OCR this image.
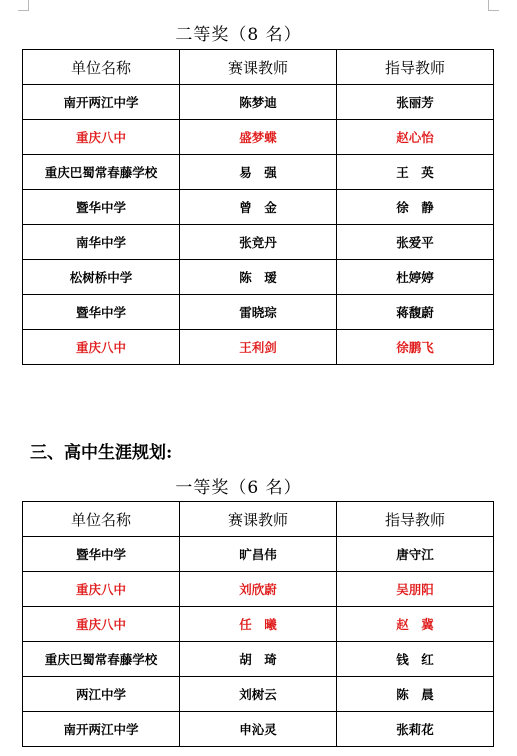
二等奖（8 名）
单位名称	赛课教师	指导教师
南开两江中学	陈梦迪	张丽芳
重庆八中	盛梦蝶	赵心怡
重庆巴蜀常春藤学校	易　强	王　英
暨华中学	曾　金	徐　静
南华中学	张竞丹	张爱平
松树桥中学	陈　瑷	杜婷婷
暨华中学	雷晓琮	蒋馥蔚
重庆八中	王利剑	徐鹏飞
三、高中生涯规划:
一等奖（6 名）
单位名称	赛课教师	指导教师
暨华中学	旷昌伟	唐守江
重庆八中	刘欣蔚	吴朋阳
重庆八中	任　曦	赵　冀
重庆巴蜀常春藤学校	胡　琦	钱　红
两江中学	刘树云	陈　晨
南开两江中学	申沁灵	张莉花
